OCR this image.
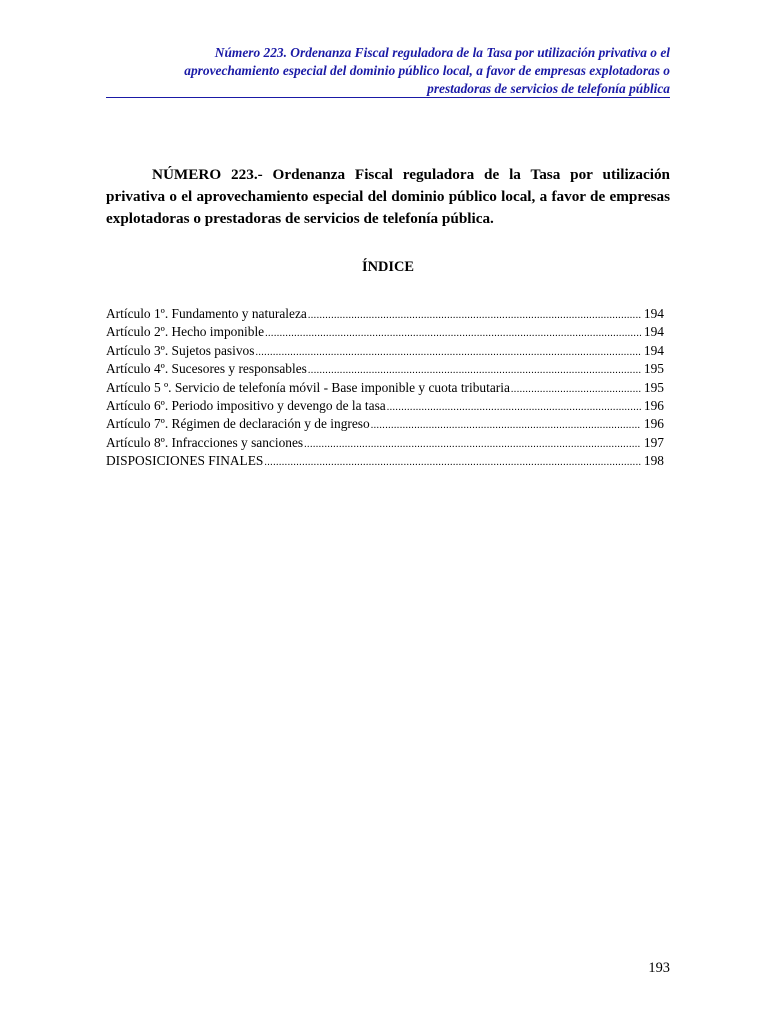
Número 223. Ordenanza Fiscal reguladora de la Tasa por utilización privativa o el
aprovechamiento especial del dominio público local, a favor de empresas explotadoras o
prestadoras de servicios de telefonía pública
NÚMERO 223.- Ordenanza Fiscal reguladora de la Tasa por utilización
privativa o el aprovechamiento especial del dominio público local, a favor de empresas
explotadoras o prestadoras de servicios de telefonía pública.
ÍNDICE
Artículo 1º. Fundamento y naturaleza .....	194
Artículo 2º. Hecho imponible .....	194
Artículo 3º. Sujetos pasivos .....	194
Artículo 4º. Sucesores y responsables .....	195
Artículo 5 º. Servicio de telefonía móvil - Base imponible y cuota tributaria .....	195
Artículo 6º. Periodo impositivo y devengo de la tasa .....	196
Artículo 7º. Régimen de declaración y de ingreso .....	196
Artículo 8º. Infracciones y sanciones .....	197
DISPOSICIONES FINALES .....	198
193
